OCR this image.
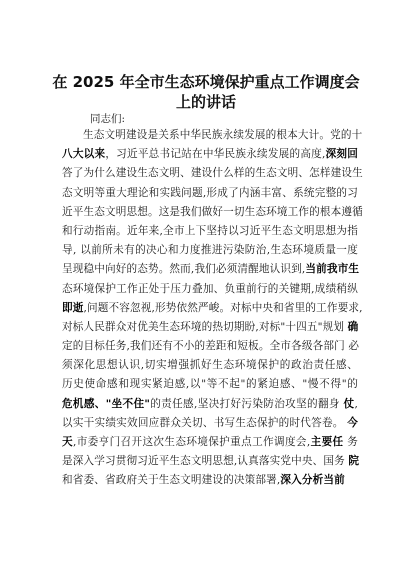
在 2025 年全市生态环境保护重点工作调度会上的讲话

同志们:

生态文明建设是关系中华民族永续发展的根本大计。党的十
八大以来，习近平总书记站在中华民族永续发展的高度,深刻回
答了为什么建设生态文明、建设什么样的生态文明、怎样建设生
态文明等重大理论和实践问题,形成了内涵丰富、系统完整的习
近平生态文明思想。这是我们做好一切生态环境工作的根本遵循
和行动指南。近年来,全市上下坚持以习近平生态文明思想为指
导, 以前所未有的决心和力度推进污染防治,生态环境质量一度
呈现稳中向好的态势。然而,我们必须清醒地认识到,当前我市生
态环境保护工作正处于压力叠加、负重前行的关键期,成绩稍纵
即逝,问题不容忽视,形势依然严峻。对标中央和省里的工作要求,
对标人民群众对优美生态环境的热切期盼,对标"十四五"规划 确
定的目标任务,我们还有不小的差距和短板。全市各级各部门 必
须深化思想认识,切实增强抓好生态环境保护的政治责任感、
历史使命感和现实紧迫感,以"等不起"的紧迫感、"慢不得"的
危机感、"坐不住"的责任感,坚决打好污染防治攻坚的翻身 仗,
以实干实绩实效回应群众关切、书写生态保护的时代答卷。 今
天,市委亨门召开这次生态环境保护重点工作调度会,主要任 务
是深入学习贯彻习近平生态文明思想,认真落实党中央、国务 院
和省委、省政府关于生态文明建设的决策部署,深入分析当前
